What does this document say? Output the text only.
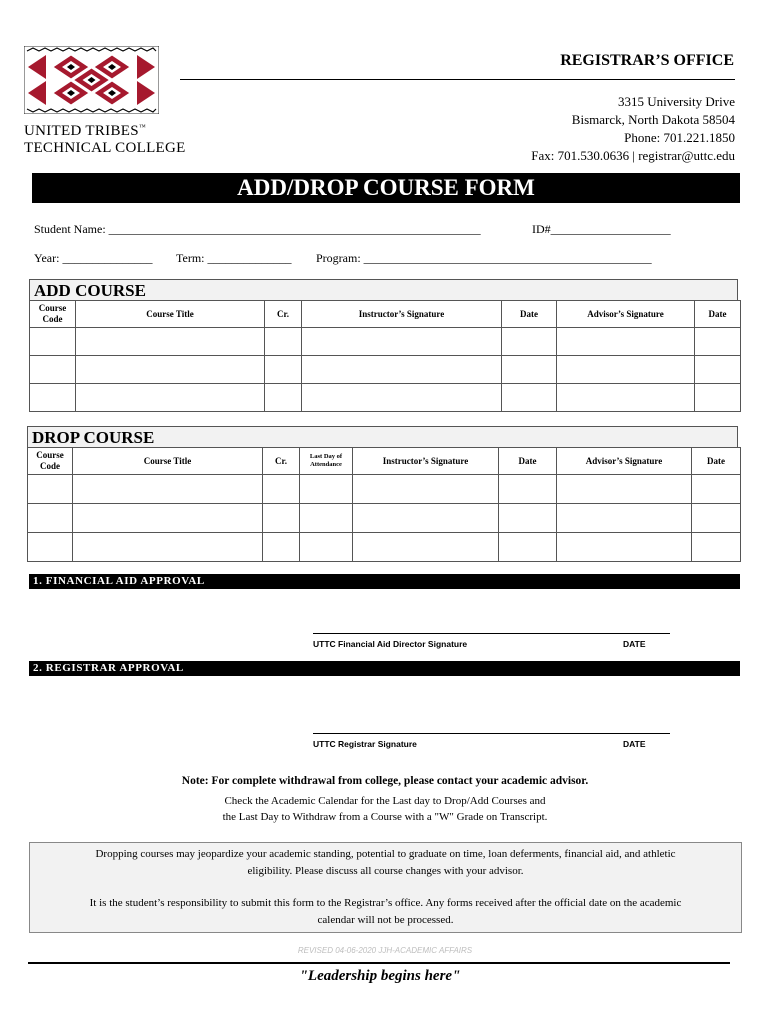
UNITED TRIBES™
TECHNICAL COLLEGE
REGISTRAR’S OFFICE
3315 University Drive
Bismarck, North Dakota 58504
Phone: 701.221.1850
Fax: 701.530.0636 | registrar@uttc.edu
ADD/DROP COURSE FORM
Student Name: ______________________________________________________________	ID#____________________
Year: _______________ Term: ______________ Program: ________________________________________________
ADD COURSE
Course Code	Course Title	Cr.	Instructor’s Signature	Date	Advisor’s Signature	Date

DROP COURSE
Course Code	Course Title	Cr.	Last Day of Attendance	Instructor’s Signature	Date	Advisor’s Signature	Date

1. FINANCIAL AID APPROVAL
UTTC Financial Aid Director Signature	DATE
2. REGISTRAR APPROVAL
UTTC Registrar Signature	DATE
Note: For complete withdrawal from college, please contact your academic advisor.
Check the Academic Calendar for the Last day to Drop/Add Courses and
the Last Day to Withdraw from a Course with a "W" Grade on Transcript.
Dropping courses may jeopardize your academic standing, potential to graduate on time, loan deferments, financial aid, and athletic
eligibility. Please discuss all course changes with your advisor.
It is the student’s responsibility to submit this form to the Registrar’s office. Any forms received after the official date on the academic
calendar will not be processed.
REVISED 04-06-2020 JJH-ACADEMIC AFFAIRS
"Leadership begins here"
